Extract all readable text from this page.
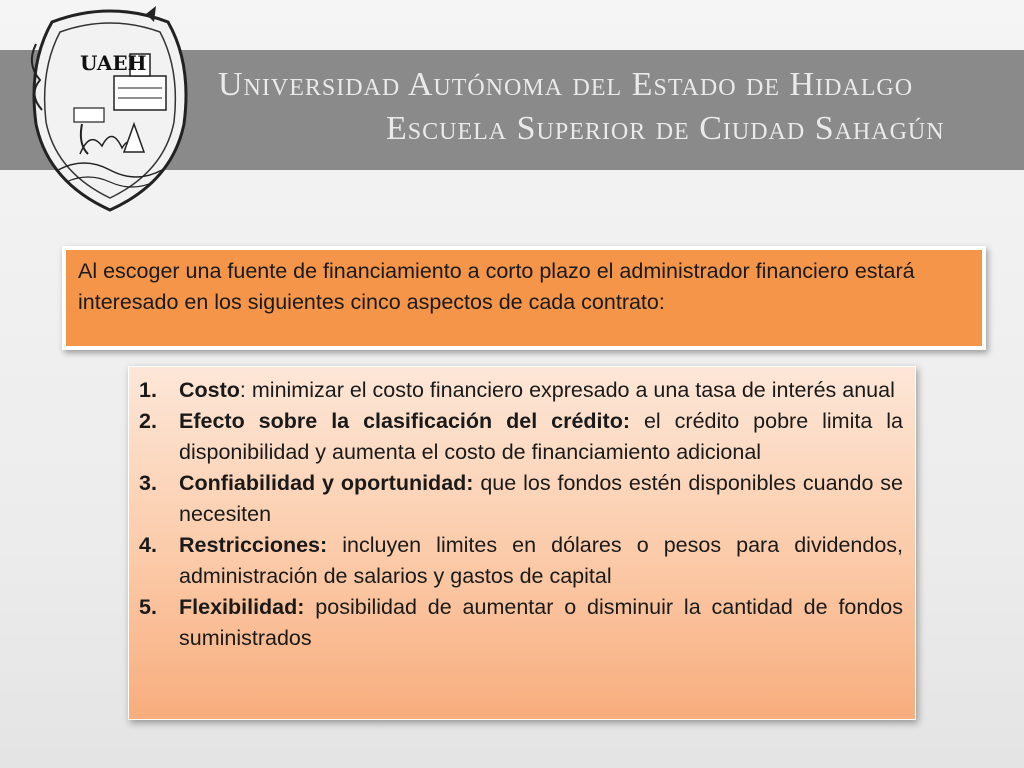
UAEH
Universidad Autónoma del Estado de Hidalgo
Escuela Superior de Ciudad Sahagún
Al escoger una fuente de financiamiento a corto plazo el administrador financiero estará interesado en los siguientes cinco aspectos de cada contrato:
1.	Costo: minimizar el costo financiero expresado a una tasa de interés anual
2.	Efecto sobre la clasificación del crédito: el crédito pobre limita la disponibilidad y aumenta el costo de financiamiento adicional
3.	Confiabilidad y oportunidad: que los fondos estén disponibles cuando se necesiten
4.	Restricciones: incluyen limites en dólares o pesos para dividendos, administración de salarios y gastos de capital
5.	Flexibilidad: posibilidad de aumentar o disminuir la cantidad de fondos suministrados
